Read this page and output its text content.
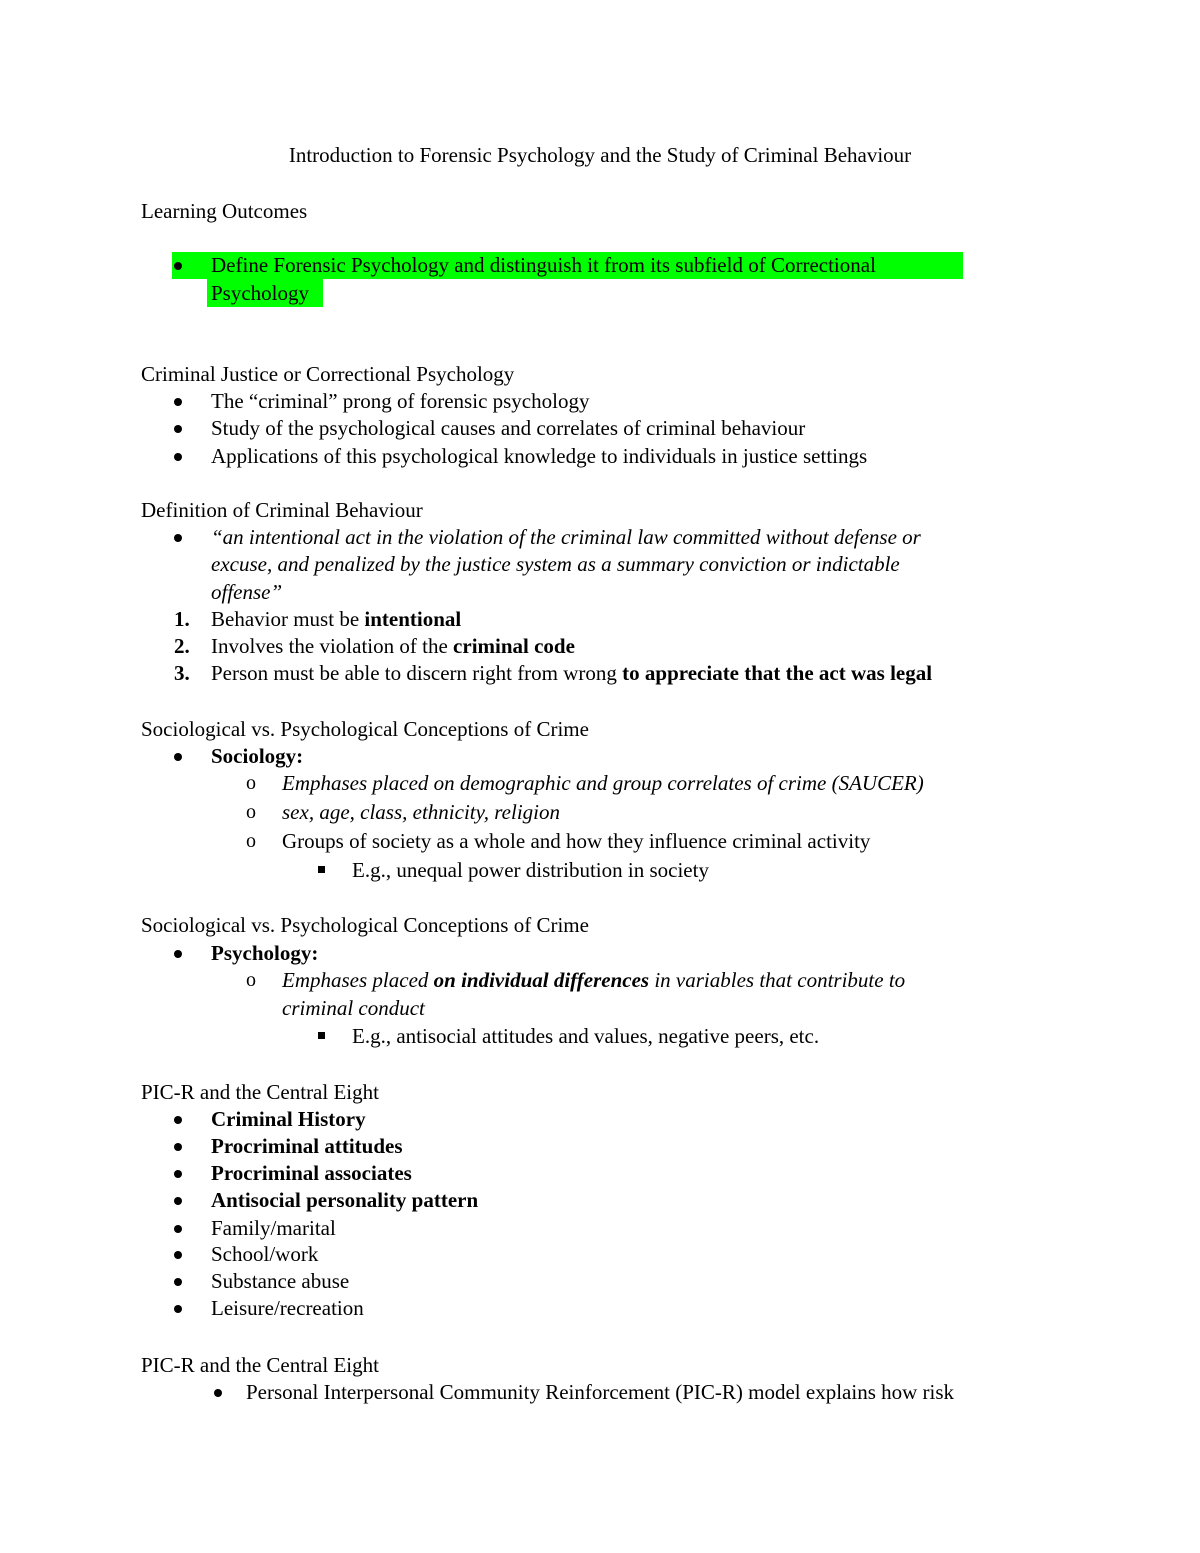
Introduction to Forensic Psychology and the Study of Criminal Behaviour
Learning Outcomes
Define Forensic Psychology and distinguish it from its subfield of Correctional
Psychology
Criminal Justice or Correctional Psychology
The “criminal” prong of forensic psychology
Study of the psychological causes and correlates of criminal behaviour
Applications of this psychological knowledge to individuals in justice settings
Definition of Criminal Behaviour
“an intentional act in the violation of the criminal law committed without defense or
excuse, and penalized by the justice system as a summary conviction or indictable
offense”
1. Behavior must be intentional
2. Involves the violation of the criminal code
3. Person must be able to discern right from wrong to appreciate that the act was legal
Sociological vs. Psychological Conceptions of Crime
Sociology:
o Emphases placed on demographic and group correlates of crime (SAUCER)
o sex, age, class, ethnicity, religion
o Groups of society as a whole and how they influence criminal activity
E.g., unequal power distribution in society
Sociological vs. Psychological Conceptions of Crime
Psychology:
o Emphases placed on individual differences in variables that contribute to
criminal conduct
E.g., antisocial attitudes and values, negative peers, etc.
PIC-R and the Central Eight
Criminal History
Procriminal attitudes
Procriminal associates
Antisocial personality pattern
Family/marital
School/work
Substance abuse
Leisure/recreation
PIC-R and the Central Eight
Personal Interpersonal Community Reinforcement (PIC-R) model explains how risk
